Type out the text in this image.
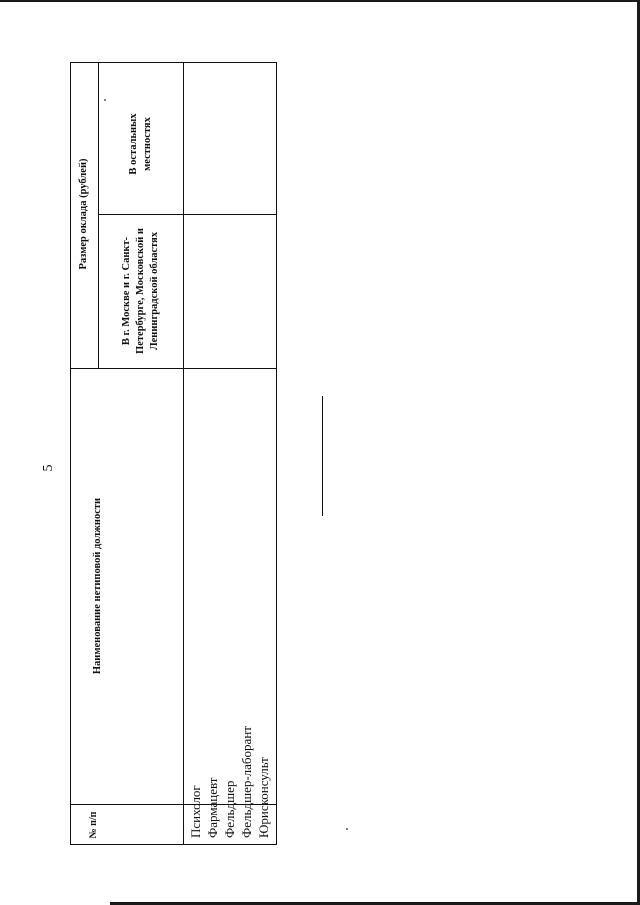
5
№ п/п
Наименование нетиповой должности
Размер оклада (рублей)
В г. Москве и г. Санкт-Петербурге, Московской и Ленинградской областях
В остальных местностях
Психолог Фармацевт Фельдшер Фельдшер-лаборант Юрисконсульт
